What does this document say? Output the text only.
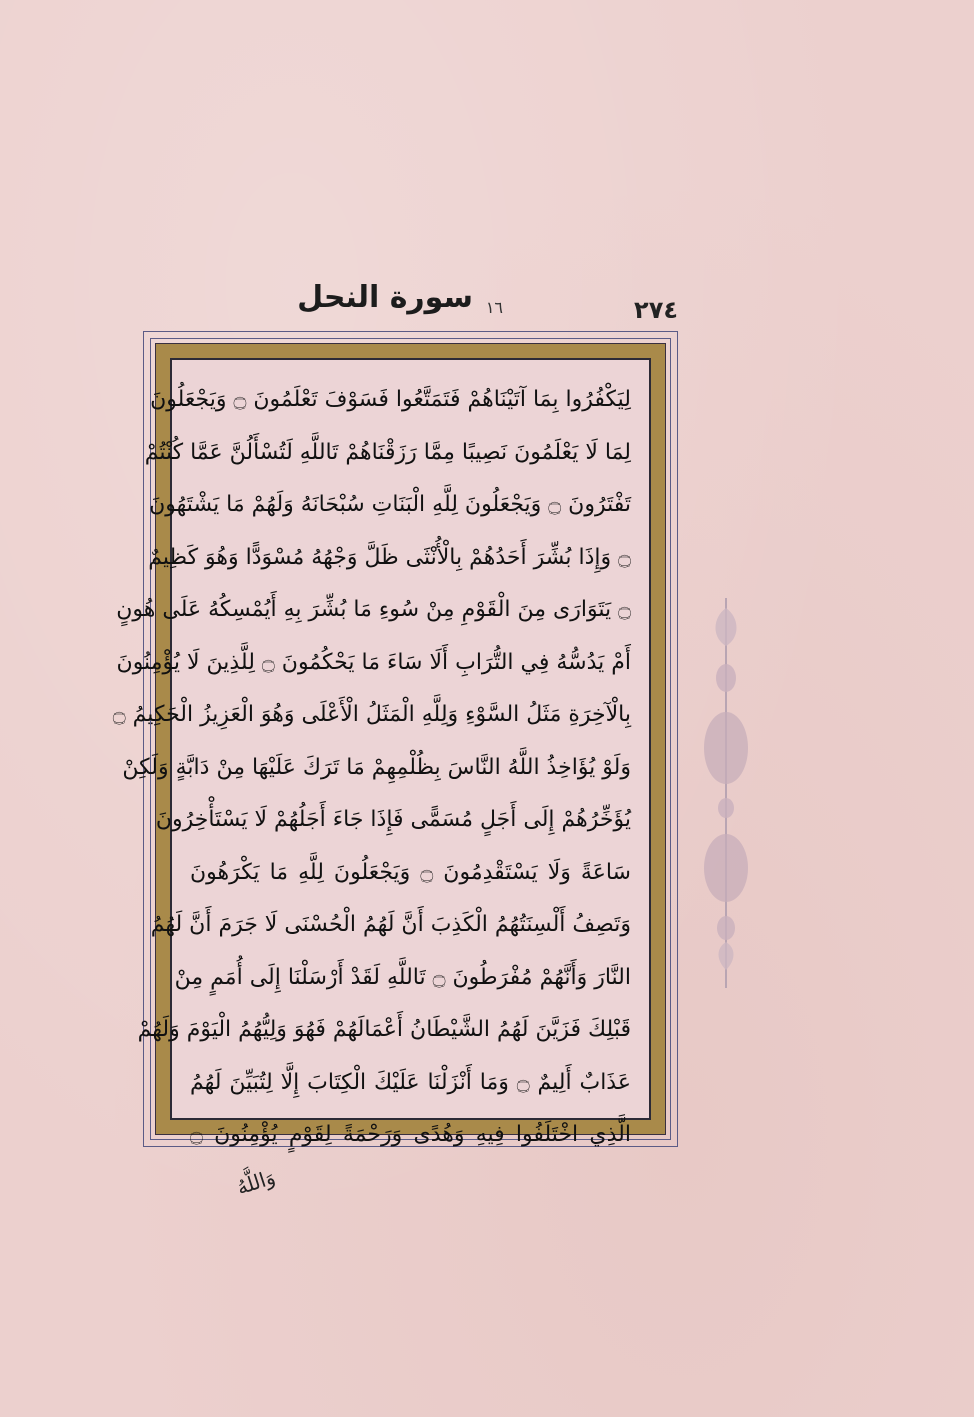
٢٧٤
سورة النحل ١٦
لِيَكْفُرُوا بِمَا آتَيْنَاهُمْ فَتَمَتَّعُوا فَسَوْفَ تَعْلَمُونَ ۝ وَيَجْعَلُونَ
لِمَا لَا يَعْلَمُونَ نَصِيبًا مِمَّا رَزَقْنَاهُمْ تَاللَّهِ لَتُسْأَلُنَّ عَمَّا كُنْتُمْ
تَفْتَرُونَ ۝ وَيَجْعَلُونَ لِلَّهِ الْبَنَاتِ سُبْحَانَهُ وَلَهُمْ مَا يَشْتَهُونَ
۝ وَإِذَا بُشِّرَ أَحَدُهُمْ بِالْأُنْثَى ظَلَّ وَجْهُهُ مُسْوَدًّا وَهُوَ كَظِيمٌ
۝ يَتَوَارَى مِنَ الْقَوْمِ مِنْ سُوءِ مَا بُشِّرَ بِهِ أَيُمْسِكُهُ عَلَى هُونٍ
أَمْ يَدُسُّهُ فِي التُّرَابِ أَلَا سَاءَ مَا يَحْكُمُونَ ۝ لِلَّذِينَ لَا يُؤْمِنُونَ
بِالْآخِرَةِ مَثَلُ السَّوْءِ وَلِلَّهِ الْمَثَلُ الْأَعْلَى وَهُوَ الْعَزِيزُ الْحَكِيمُ ۝
وَلَوْ يُؤَاخِذُ اللَّهُ النَّاسَ بِظُلْمِهِمْ مَا تَرَكَ عَلَيْهَا مِنْ دَابَّةٍ وَلَكِنْ
يُؤَخِّرُهُمْ إِلَى أَجَلٍ مُسَمًّى فَإِذَا جَاءَ أَجَلُهُمْ لَا يَسْتَأْخِرُونَ
سَاعَةً وَلَا يَسْتَقْدِمُونَ ۝ وَيَجْعَلُونَ لِلَّهِ مَا يَكْرَهُونَ
وَتَصِفُ أَلْسِنَتُهُمُ الْكَذِبَ أَنَّ لَهُمُ الْحُسْنَى لَا جَرَمَ أَنَّ لَهُمُ
النَّارَ وَأَنَّهُمْ مُفْرَطُونَ ۝ تَاللَّهِ لَقَدْ أَرْسَلْنَا إِلَى أُمَمٍ مِنْ
قَبْلِكَ فَزَيَّنَ لَهُمُ الشَّيْطَانُ أَعْمَالَهُمْ فَهُوَ وَلِيُّهُمُ الْيَوْمَ وَلَهُمْ
عَذَابٌ أَلِيمٌ ۝ وَمَا أَنْزَلْنَا عَلَيْكَ الْكِتَابَ إِلَّا لِتُبَيِّنَ لَهُمُ
الَّذِي اخْتَلَفُوا فِيهِ وَهُدًى وَرَحْمَةً لِقَوْمٍ يُؤْمِنُونَ ۝
وَاللَّهُ
